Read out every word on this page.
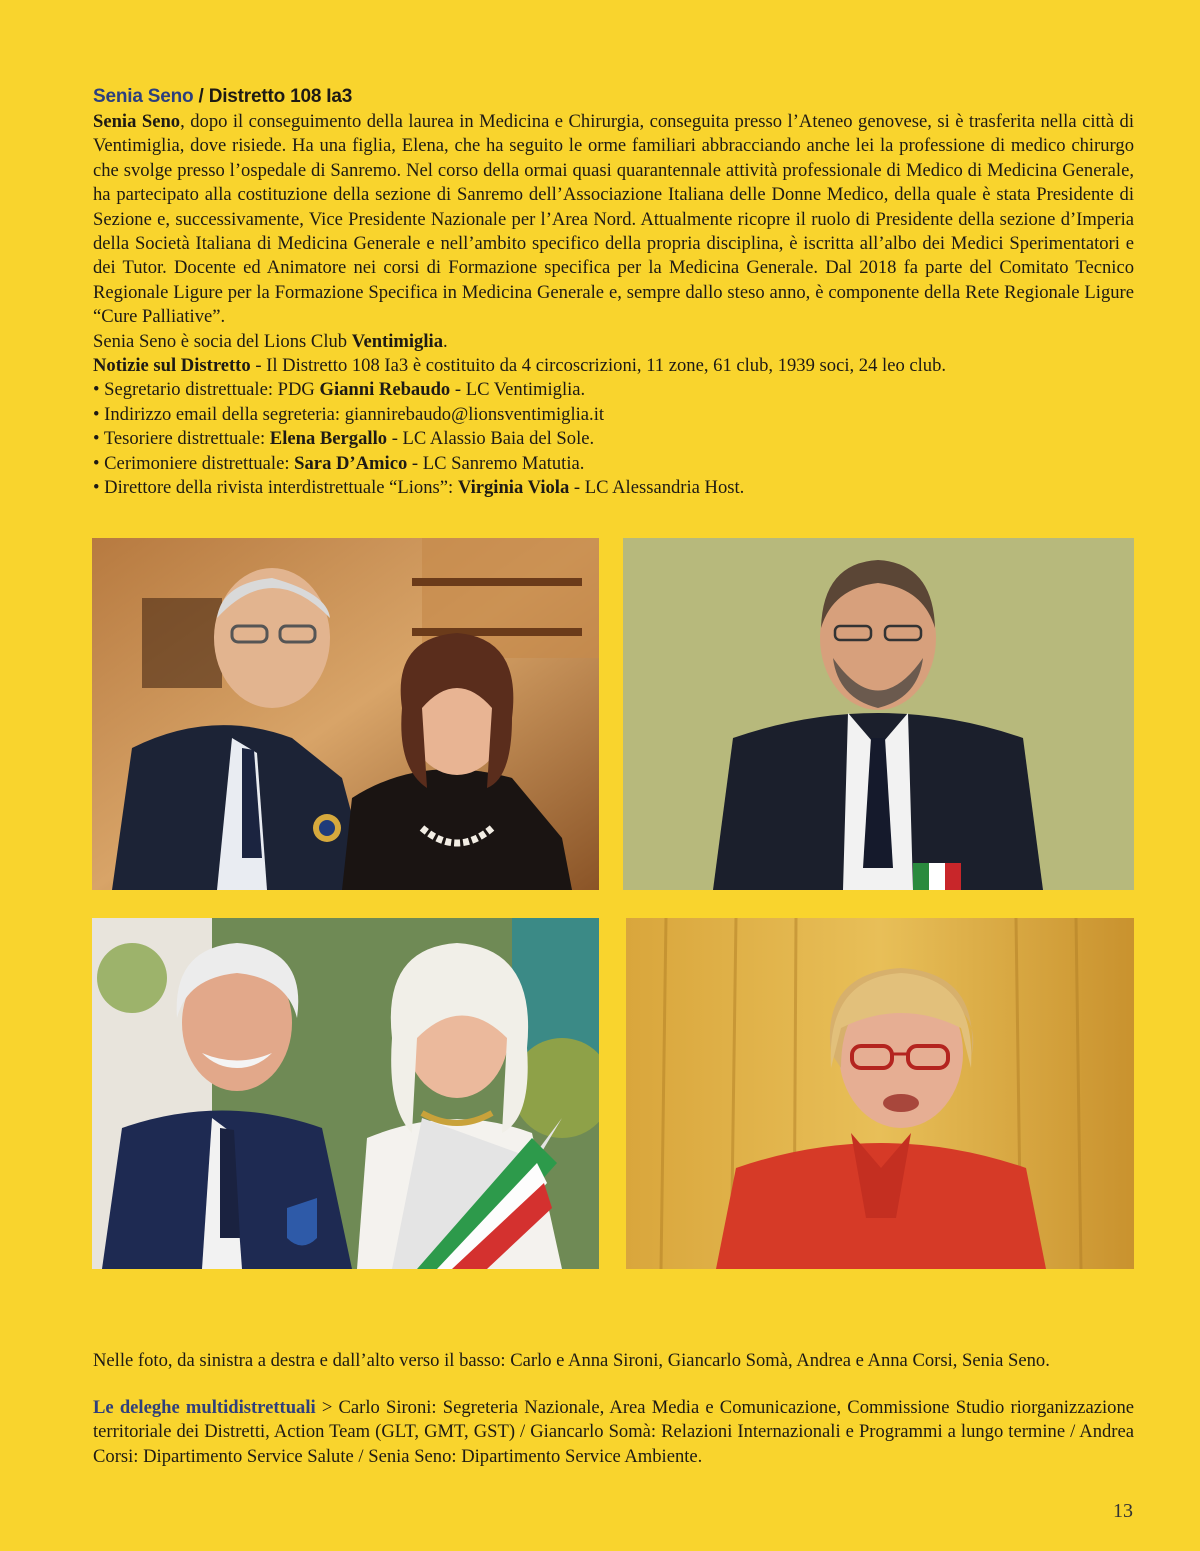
Senia Seno / Distretto 108 Ia3

Senia Seno, dopo il conseguimento della laurea in Medicina e Chirurgia, conseguita presso l’Ateneo genovese, si è trasferita nella città di Ventimiglia, dove risiede. Ha una figlia, Elena, che ha seguito le orme familiari abbracciando anche lei la professione di medico chirurgo che svolge presso l’ospedale di Sanremo. Nel corso della ormai quasi quarantennale attività professionale di Medico di Medicina Generale, ha partecipato alla costituzione della sezione di Sanremo dell’Associazione Italiana delle Donne Medico, della quale è stata Presidente di Sezione e, successivamente, Vice Presidente Nazionale per l’Area Nord. Attualmente ricopre il ruolo di Presidente della sezione d’Imperia della Società Italiana di Medicina Generale e nell’ambito specifico della propria disciplina, è iscritta all’albo dei Medici Sperimentatori e dei Tutor. Docente ed Animatore nei corsi di Formazione specifica per la Medicina Generale. Dal 2018 fa parte del Comitato Tecnico Regionale Ligure per la Formazione Specifica in Medicina Generale e, sempre dallo steso anno, è componente della Rete Regionale Ligure “Cure Palliative”.

Senia Seno è socia del Lions Club Ventimiglia.

Notizie sul Distretto - Il Distretto 108 Ia3 è costituito da 4 circoscrizioni, 11 zone, 61 club, 1939 soci, 24 leo club.

• Segretario distrettuale: PDG Gianni Rebaudo - LC Ventimiglia.

• Indirizzo email della segreteria: giannirebaudo@lionsventimiglia.it

• Tesoriere distrettuale: Elena Bergallo - LC Alassio Baia del Sole.

• Cerimoniere distrettuale: Sara D’Amico - LC Sanremo Matutia.

• Direttore della rivista interdistrettuale “Lions”: Virginia Viola - LC Alessandria Host.

Nelle foto, da sinistra a destra e dall’alto verso il basso: Carlo e Anna Sironi, Giancarlo Somà, Andrea e Anna Corsi, Senia Seno.

Le deleghe multidistrettuali > Carlo Sironi: Segreteria Nazionale, Area Media e Comunicazione, Commissione Studio riorganizzazione territoriale dei Distretti, Action Team (GLT, GMT, GST) / Giancarlo Somà: Relazioni Internazionali e Programmi a lungo termine / Andrea Corsi: Dipartimento Service Salute / Senia Seno: Dipartimento Service Ambiente.

13
